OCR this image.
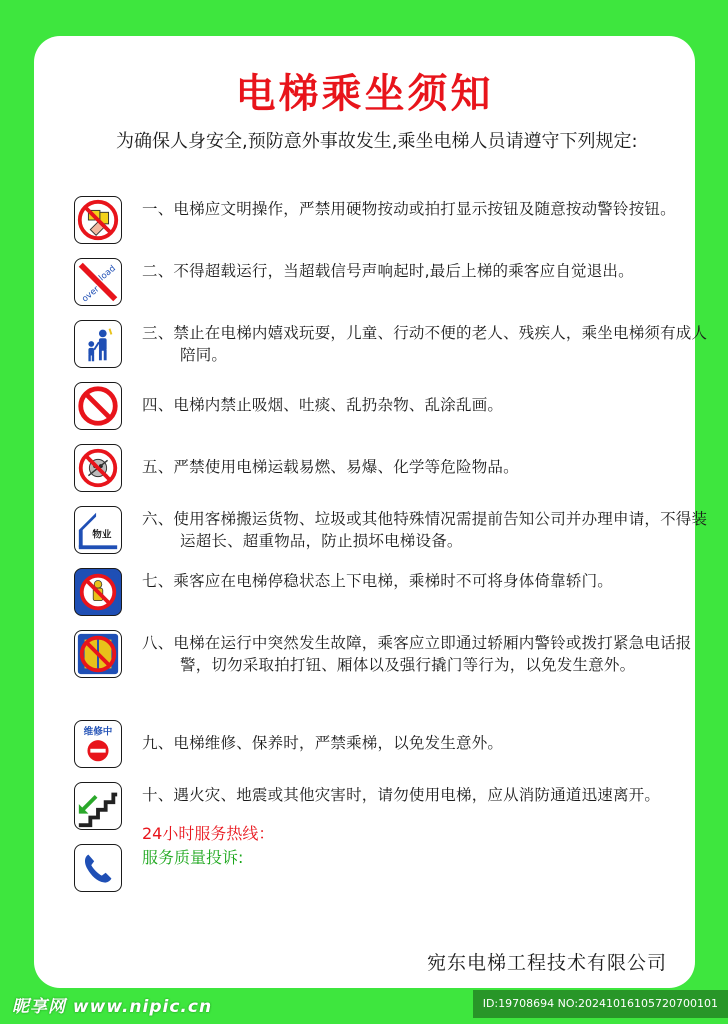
电梯乘坐须知
为确保人身安全,预防意外事故发生,乘坐电梯人员请遵守下列规定:
一、电梯应文明操作，严禁用硬物按动或拍打显示按钮及随意按动警铃按钮。
over
load 二、不得超载运行，当超载信号声响起时,最后上梯的乘客应自觉退出。
三、禁止在电梯内嬉戏玩耍，儿童、行动不便的老人、残疾人，乘坐电梯须有成人陪同。
四、电梯内禁止吸烟、吐痰、乱扔杂物、乱涂乱画。
五、严禁使用电梯运载易燃、易爆、化学等危险物品。
物业
六、使用客梯搬运货物、垃圾或其他特殊情况需提前告知公司并办理申请，不得装运超长、超重物品，防止损坏电梯设备。
七、乘客应在电梯停稳状态上下电梯，乘梯时不可将身体倚靠轿门。
八、电梯在运行中突然发生故障，乘客应立即通过轿厢内警铃或拨打紧急电话报警，切勿采取拍打钮、厢体以及强行撬门等行为，以免发生意外。
维修中
九、电梯维修、保养时，严禁乘梯，以免发生意外。
十、遇火灾、地震或其他灾害时，请勿使用电梯，应从消防通道迅速离开。
24小时服务热线：
服务质量投诉:
宛东电梯工程技术有限公司
昵享网 www.nipic.cn	ID:19708694 NO:20241016105720700101
